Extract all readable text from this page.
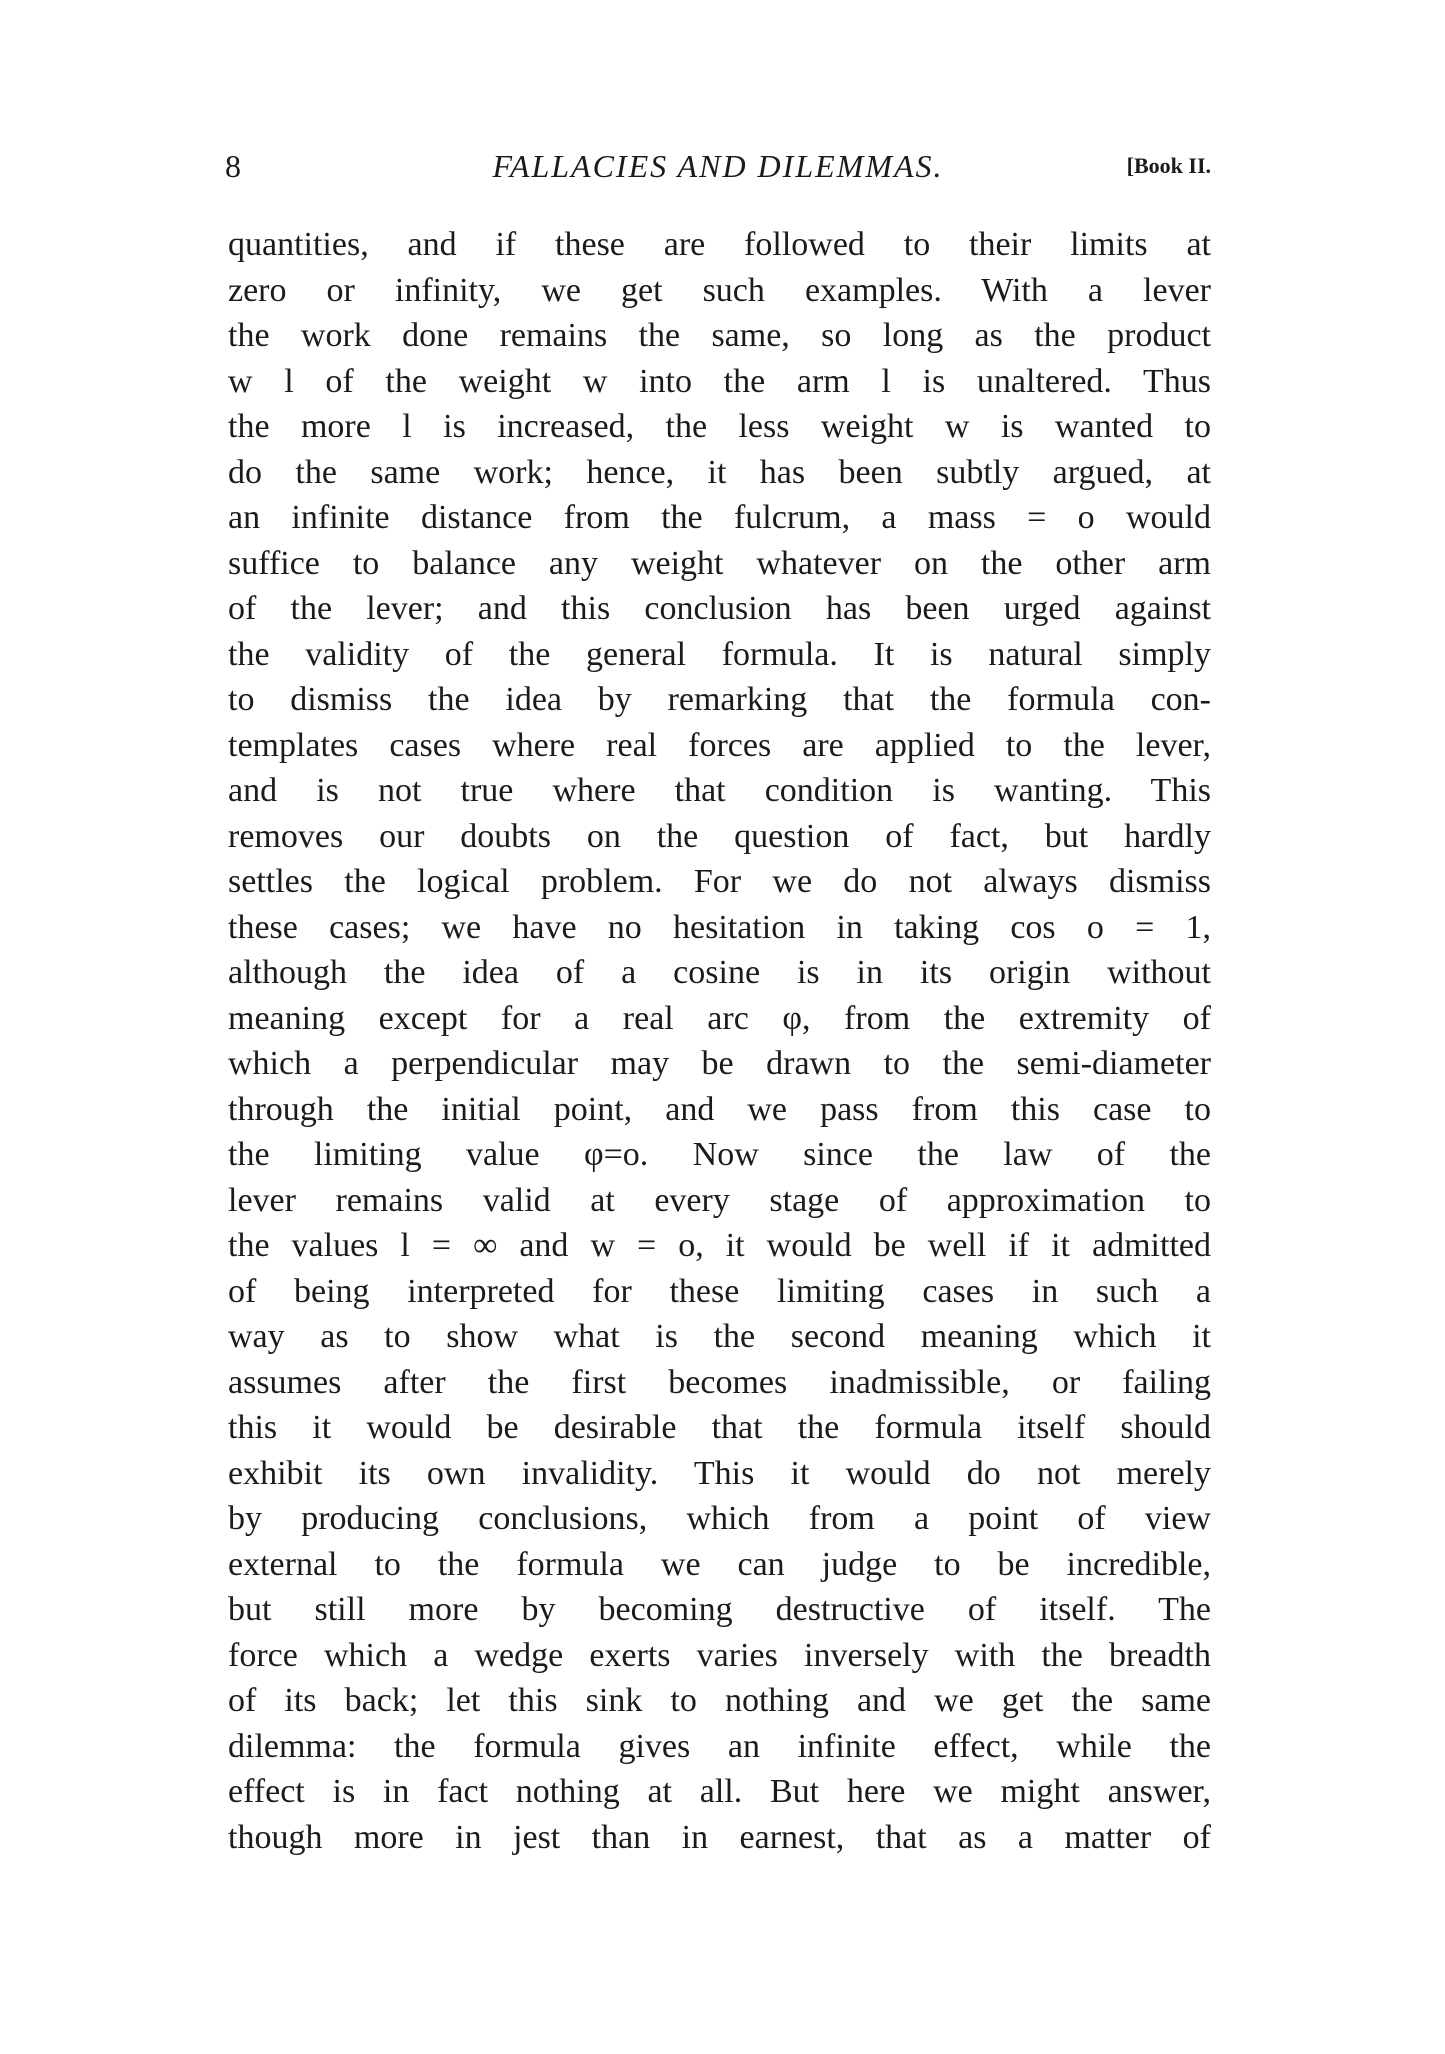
8	FALLACIES AND DILEMMAS.	[Book II.
quantities, and if these are followed to their limits at
zero or infinity, we get such examples. With a lever
the work done remains the same, so long as the product
w l of the weight w into the arm l is unaltered. Thus
the more l is increased, the less weight w is wanted to
do the same work; hence, it has been subtly argued, at
an infinite distance from the fulcrum, a mass = o would
suffice to balance any weight whatever on the other arm
of the lever; and this conclusion has been urged against
the validity of the general formula. It is natural simply
to dismiss the idea by remarking that the formula con-
templates cases where real forces are applied to the lever,
and is not true where that condition is wanting. This
removes our doubts on the question of fact, but hardly
settles the logical problem. For we do not always dismiss
these cases; we have no hesitation in taking cos o = 1,
although the idea of a cosine is in its origin without
meaning except for a real arc φ, from the extremity of
which a perpendicular may be drawn to the semi-diameter
through the initial point, and we pass from this case to
the limiting value φ=o. Now since the law of the
lever remains valid at every stage of approximation to
the values l = ∞ and w = o, it would be well if it admitted
of being interpreted for these limiting cases in such a
way as to show what is the second meaning which it
assumes after the first becomes inadmissible, or failing
this it would be desirable that the formula itself should
exhibit its own invalidity. This it would do not merely
by producing conclusions, which from a point of view
external to the formula we can judge to be incredible,
but still more by becoming destructive of itself. The
force which a wedge exerts varies inversely with the breadth
of its back; let this sink to nothing and we get the same
dilemma: the formula gives an infinite effect, while the
effect is in fact nothing at all. But here we might answer,
though more in jest than in earnest, that as a matter of
